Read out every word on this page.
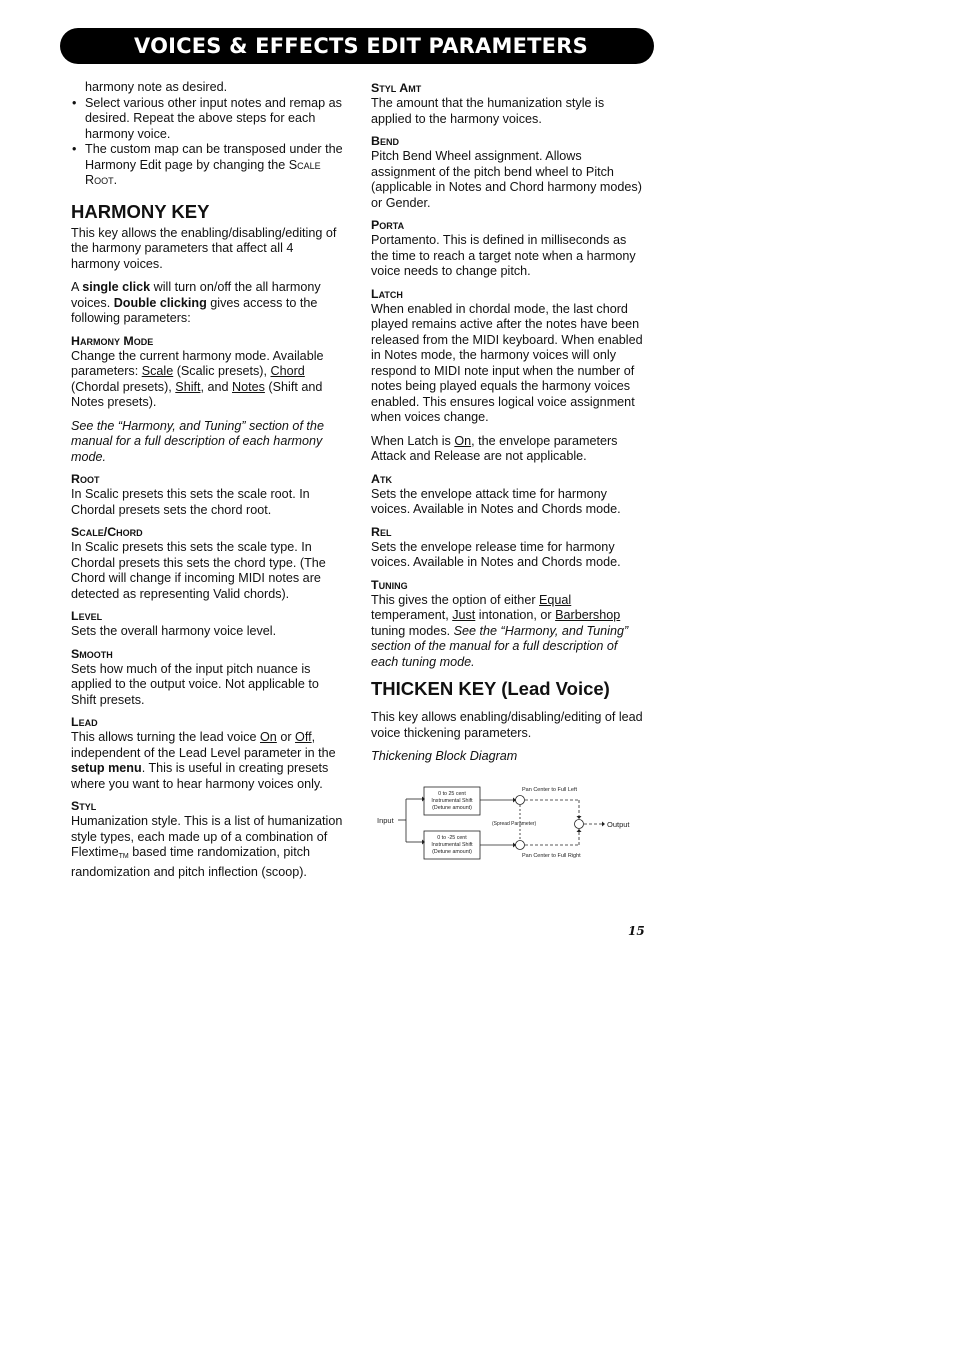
VOICES & EFFECTS EDIT PARAMETERS

harmony note as desired.

• Select various other input notes and remap as desired. Repeat the above steps for each harmony voice.
• The custom map can be transposed under the Harmony Edit page by changing the Scale Root.
HARMONY KEY

This key allows the enabling/disabling/editing of the harmony parameters that affect all 4 harmony voices.

A single click will turn on/off the all harmony voices. Double clicking gives access to the following parameters:

Harmony Mode

Change the current harmony mode. Available parameters: Scale (Scalic presets), Chord (Chordal presets), Shift, and Notes (Shift and Notes presets).

See the “Harmony, and Tuning” section of the manual for a full description of each harmony mode.

Root

In Scalic presets this sets the scale root. In Chordal presets sets the chord root.

Scale/Chord

In Scalic presets this sets the scale type. In Chordal presets this sets the chord type. (The Chord will change if incoming MIDI notes are detected as representing Valid chords).

Level

Sets the overall harmony voice level.

Smooth

Sets how much of the input pitch nuance is applied to the output voice. Not applicable to Shift presets.

Lead

This allows turning the lead voice On or Off, independent of the Lead Level parameter in the setup menu. This is useful in creating presets where you want to hear harmony voices only.

Styl

Humanization style. This is a list of humanization style types, each made up of a combination of Flextime$_{TM}$ based time randomization, pitch randomization and pitch inflection (scoop).

Styl Amt

The amount that the humanization style is applied to the harmony voices.

Bend

Pitch Bend Wheel assignment. Allows assignment of the pitch bend wheel to Pitch (applicable in Notes and Chord harmony modes) or Gender.

Porta

Portamento. This is defined in milliseconds as the time to reach a target note when a harmony voice needs to change pitch.

Latch

When enabled in chordal mode, the last chord played remains active after the notes have been released from the MIDI keyboard. When enabled in Notes mode, the harmony voices will only respond to MIDI note input when the number of notes being played equals the harmony voices enabled. This ensures logical voice assignment when voices change.

When Latch is On, the envelope parameters Attack and Release are not applicable.

Atk

Sets the envelope attack time for harmony voices. Available in Notes and Chords mode.

Rel

Sets the envelope release time for harmony voices. Available in Notes and Chords mode.

Tuning

This gives the option of either Equal temperament, Just intonation, or Barbershop tuning modes. See the “Harmony, and Tuning” section of the manual for a full description of each tuning mode.

THICKEN KEY (Lead Voice)

This key allows enabling/disabling/editing of lead voice thickening parameters.

Thickening Block Diagram

0 to 25 cent
Instrumental Shift
(Detune amount)
0 to -25 cent
Instrumental Shift
(Detune amount)
Input	Output
Pan Center to Full Left
Pan Center to Full Right
(Spread Parameter)
15
